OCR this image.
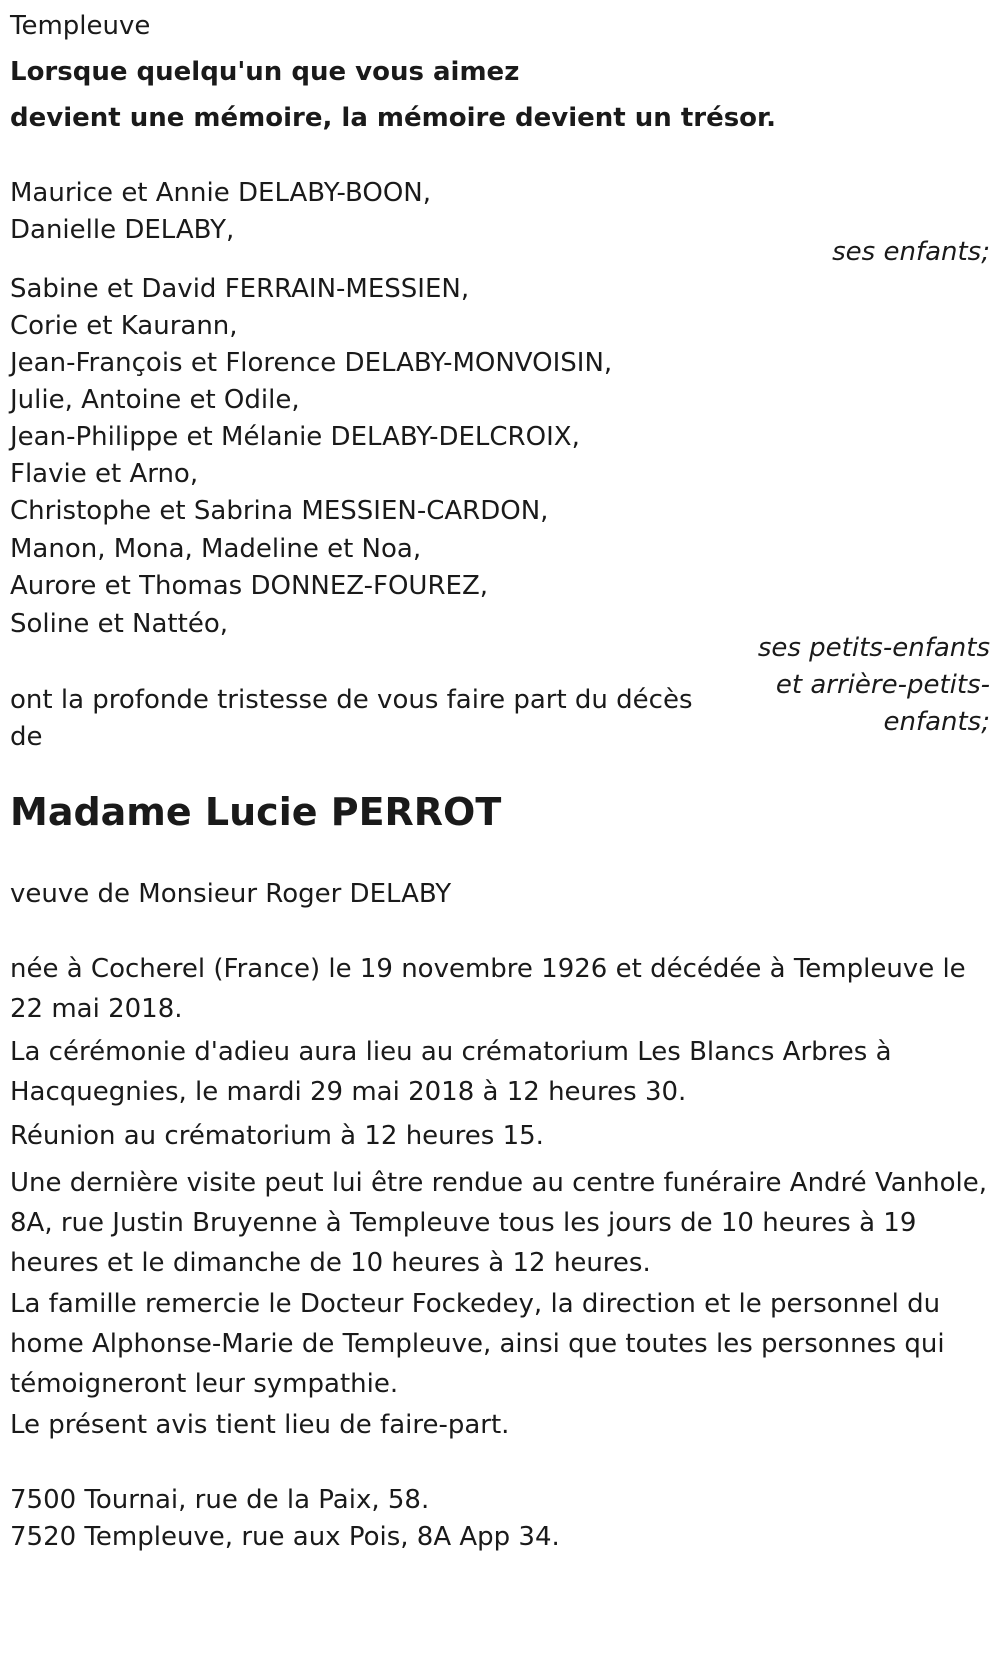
Templeuve
Lorsque quelqu'un que vous aimez
devient une mémoire, la mémoire devient un trésor.
Maurice et Annie DELABY-BOON,
Danielle DELABY,
ses enfants;
Sabine et David FERRAIN-MESSIEN,
Corie et Kaurann,
Jean-François et Florence DELABY-MONVOISIN,
Julie, Antoine et Odile,
Jean-Philippe et Mélanie DELABY-DELCROIX,
Flavie et Arno,
Christophe et Sabrina MESSIEN-CARDON,
Manon, Mona, Madeline et Noa,
Aurore et Thomas DONNEZ-FOUREZ,
Soline et Nattéo,
ses petits-enfants
et arrière-petits-
enfants;
ont la profonde tristesse de vous faire part du décès
de
Madame Lucie PERROT
veuve de Monsieur Roger DELABY
née à Cocherel (France) le 19 novembre 1926 et décédée à Templeuve le 22 mai 2018.
La cérémonie d'adieu aura lieu au crématorium Les Blancs Arbres à Hacquegnies, le mardi 29 mai 2018 à 12 heures 30.
Réunion au crématorium à 12 heures 15.
Une dernière visite peut lui être rendue au centre funéraire André Vanhole, 8A, rue Justin Bruyenne à Templeuve tous les jours de 10 heures à 19 heures et le dimanche de 10 heures à 12 heures.
La famille remercie le Docteur Fockedey, la direction et le personnel du home Alphonse-Marie de Templeuve, ainsi que toutes les personnes qui témoigneront leur sympathie.
Le présent avis tient lieu de faire-part.
7500 Tournai, rue de la Paix, 58.
7520 Templeuve, rue aux Pois, 8A App 34.
